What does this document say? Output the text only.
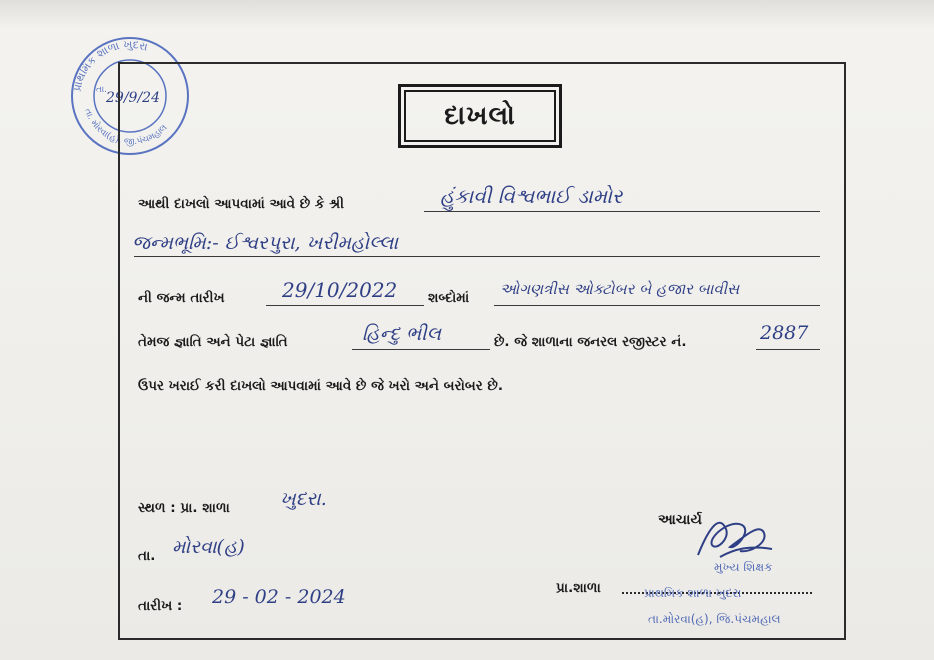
પ્રાથમિક શાળા ખુદરા
તા. મોરવા(હ), જી.પંચમહાલ
તા.
29/9/24
દાખલો
આથી દાખલો આપવામાં આવે છે કે શ્રી	હુંકાવી વિશ્વભાઈ ડામોર
જન્મભૂમિ:- ઈશ્વરપુરા, ખરીમહોલ્લા
ની જન્મ તારીખ	29/10/2022 શબ્દોમાં ઓગણત્રીસ ઓક્ટોબર બે હજાર બાવીસ
તેમજ જ્ઞાતિ અને પેટા જ્ઞાતિ	હિન્દુ ભીલ	છે. જે શાળાના જનરલ રજીસ્ટર નં.	2887
ઉપર ખરાઈ કરી દાખલો આપવામાં આવે છે જે ખરો અને બરોબર છે.
સ્થળ : પ્રા. શાળા	ખુદરા.
તા. મોરવા(હ)
તારીખ : 29 - 02 - 2024
આચાર્ય
મુખ્ય શિક્ષક
પ્રા.શાળા	પ્રાથમિક શાળા ખુદરા
તા.મોરવા(હ), જિ.પંચમહાલ
